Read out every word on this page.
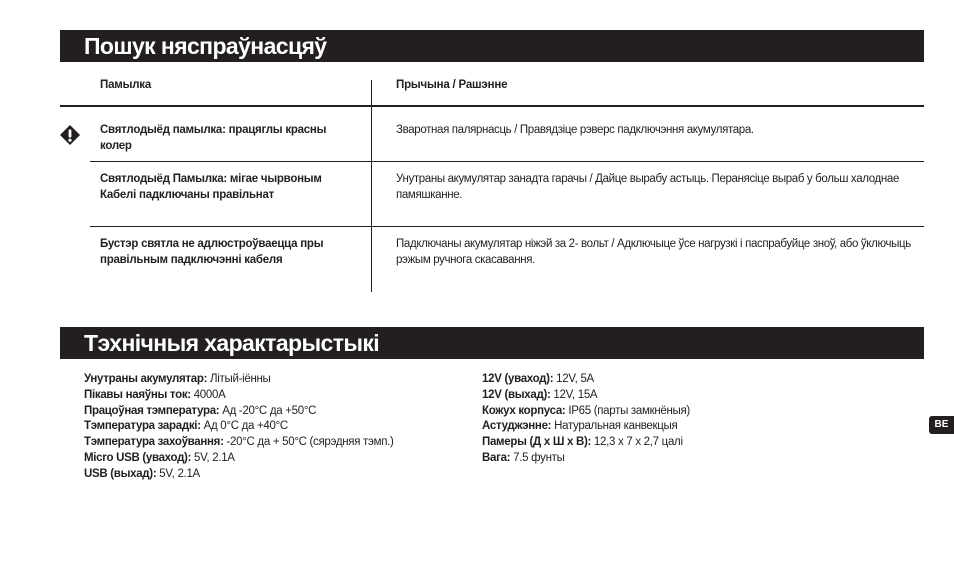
Пошук няспраўнасцяў
Памылка	Прычына / Рашэнне
Святлодыёд памылка: працяглы красны колер
Зваротная палярнасць / Правядзіце рэверс падключэння акумулятара.
Святлодыёд Памылка: мігае чырвоным Кабелі падключаны правільнат
Унутраны акумулятар занадта гарачы / Дайце вырабу астыць. Перанясіце выраб у больш халоднае памяшканне.
Бустэр святла не адлюстроўваецца пры правільным падключэнні кабеля
Падключаны акумулятар ніжэй за 2- вольт / Адключыце ўсе нагрузкі і паспрабуйце зноў, або ўключыць рэжым ручнога скасавання.
Тэхнічныя характарыстыкі
Унутраны акумулятар: Літый-іённы
Пікавы наяўны ток: 4000A
Працоўная тэмпература: Ад -20°C да +50°C
Тэмпература зарадкі: Ад 0°C да +40°C
Тэмпература захоўвання: -20°C да + 50°C (сярэдняя тэмп.)
Micro USB (уваход): 5V, 2.1A
USB (выхад): 5V, 2.1A
12V (уваход): 12V, 5A
12V (выхад): 12V, 15A
Кожух корпуса: IP65 (парты замкнёныя)
Астуджэнне: Натуральная канвекцыя
Памеры (Д х Ш х В): 12,3 x 7 x 2,7 цалі
Вага: 7.5 фунты
BE
